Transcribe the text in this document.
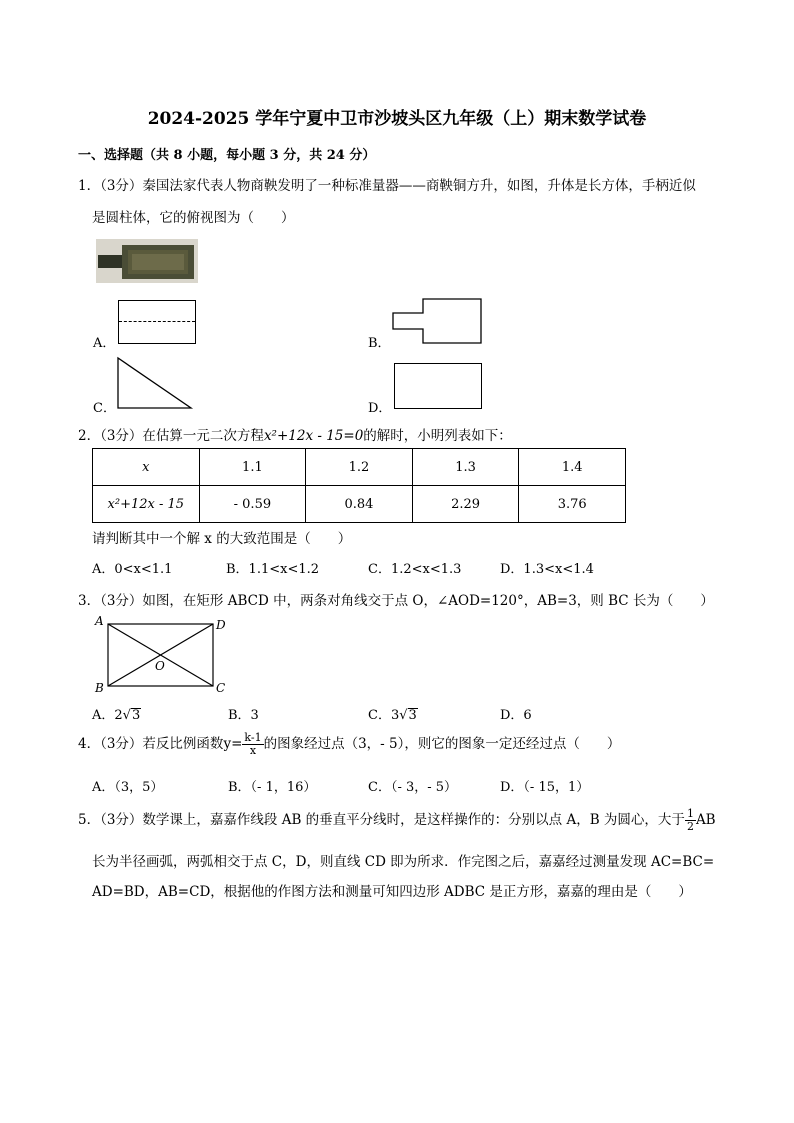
2024-2025 学年宁夏中卫市沙坡头区九年级（上）期末数学试卷
一、选择题（共 8 小题，每小题 3 分，共 24 分）
1．（3分）秦国法家代表人物商鞅发明了一种标准量器——商鞅铜方升，如图，升体是长方体，手柄近似
是圆柱体，它的俯视图为（　　）
A．	B．
C．	D．
2．（3分）在估算一元二次方程x²+12x - 15=0的解时，小明列表如下：
x	1.1	1.2	1.3	1.4
x²+12x - 15	- 0.59	0.84	2.29	3.76
请判断其中一个解 x 的大致范围是（　　）
A．0<x<1.1	B．1.1<x<1.2	C．1.2<x<1.3	D．1.3<x<1.4
3．（3分）如图，在矩形 ABCD 中，两条对角线交于点 O，∠AOD=120°，AB=3，则 BC 长为（　　）
A	D
B	C
O
A．2√3	B．3	C．3√3	D．6
4．（3分）若反比例函数$y= \frac{k-1}{x}$ 的图象经过点（3，- 5），则它的图象一定还经过点（　　）
A．（3，5）	B．（- 1，16）	C．（- 3，- 5）	D．（- 15，1）
5．（3分）数学课上，嘉嘉作线段 AB 的垂直平分线时，是这样操作的：分别以点 A，B 为圆心，大于 $\frac{1}{2}$ AB
长为半径画弧，两弧相交于点 C，D，则直线 CD 即为所求．作完图之后，嘉嘉经过测量发现 AC=BC=
AD=BD，AB=CD，根据他的作图方法和测量可知四边形 ADBC 是正方形，嘉嘉的理由是（　　）
